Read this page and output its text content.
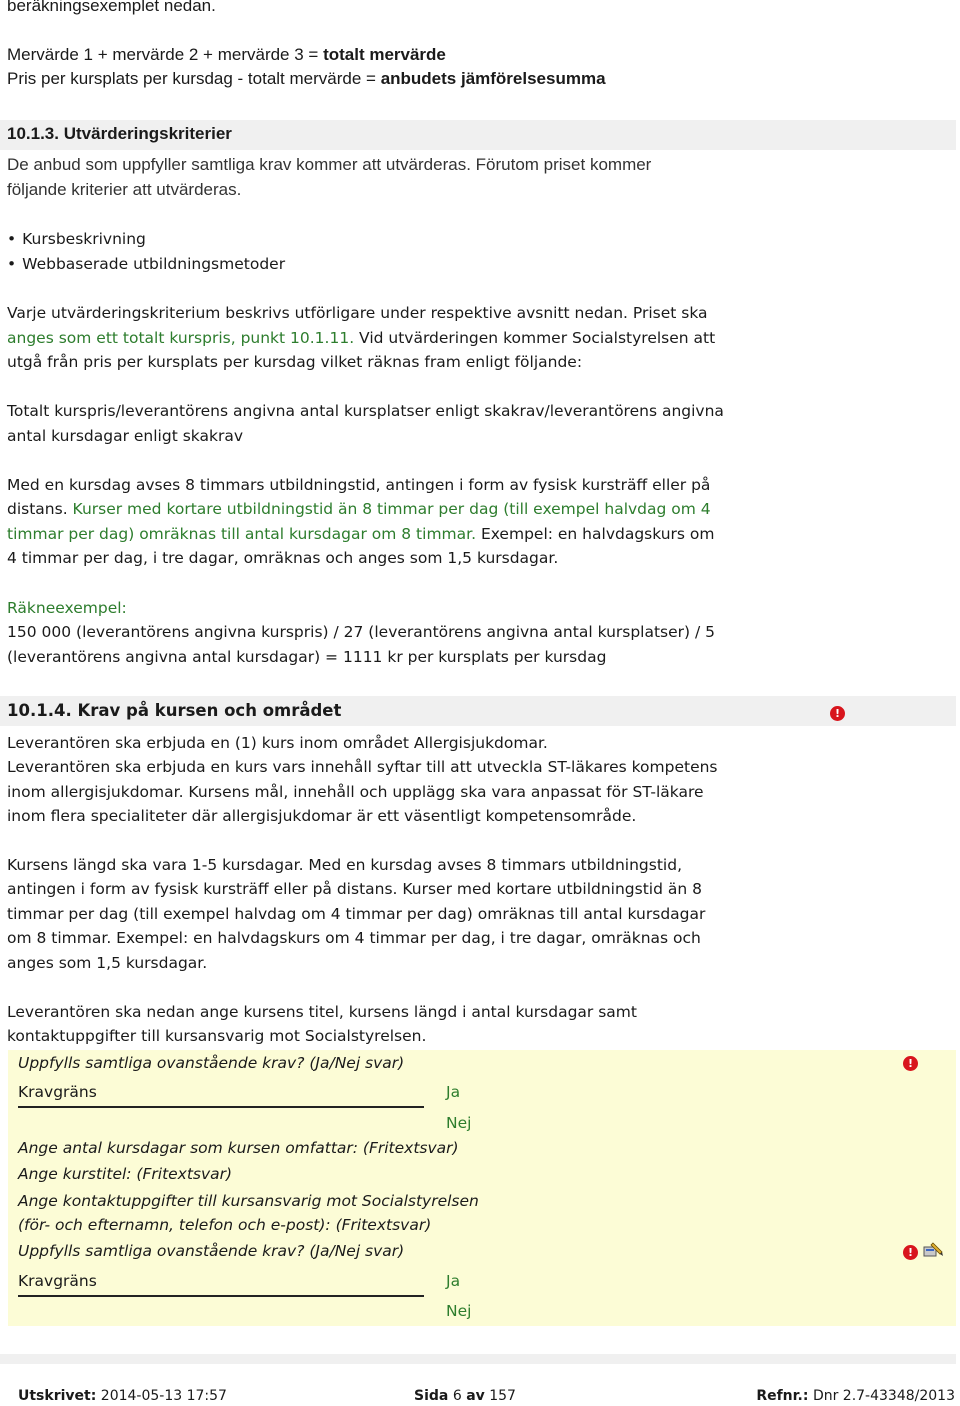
beräkningsexemplet nedan.
Mervärde 1 + mervärde 2 + mervärde 3 = totalt mervärde
Pris per kursplats per kursdag - totalt mervärde = anbudets jämförelsesumma
10.1.3. Utvärderingskriterier
De anbud som uppfyller samtliga krav kommer att utvärderas. Förutom priset kommer
följande kriterier att utvärderas.
• Kursbeskrivning
• Webbaserade utbildningsmetoder
Varje utvärderingskriterium beskrivs utförligare under respektive avsnitt nedan. Priset ska
anges som ett totalt kurspris, punkt 10.1.11. Vid utvärderingen kommer Socialstyrelsen att
utgå från pris per kursplats per kursdag vilket räknas fram enligt följande:
Totalt kurspris/leverantörens angivna antal kursplatser enligt skakrav/leverantörens angivna
antal kursdagar enligt skakrav
Med en kursdag avses 8 timmars utbildningstid, antingen i form av fysisk kursträff eller på
distans. Kurser med kortare utbildningstid än 8 timmar per dag (till exempel halvdag om 4
timmar per dag) omräknas till antal kursdagar om 8 timmar. Exempel: en halvdagskurs om
4 timmar per dag, i tre dagar, omräknas och anges som 1,5 kursdagar.
Räkneexempel:
150 000 (leverantörens angivna kurspris) / 27 (leverantörens angivna antal kursplatser) / 5
(leverantörens angivna antal kursdagar) = 1111 kr per kursplats per kursdag
10.1.4. Krav på kursen och området	!
Leverantören ska erbjuda en (1) kurs inom området Allergisjukdomar.
Leverantören ska erbjuda en kurs vars innehåll syftar till att utveckla ST-läkares kompetens
inom allergisjukdomar. Kursens mål, innehåll och upplägg ska vara anpassat för ST-läkare
inom flera specialiteter där allergisjukdomar är ett väsentligt kompetensområde.
Kursens längd ska vara 1-5 kursdagar. Med en kursdag avses 8 timmars utbildningstid,
antingen i form av fysisk kursträff eller på distans. Kurser med kortare utbildningstid än 8
timmar per dag (till exempel halvdag om 4 timmar per dag) omräknas till antal kursdagar
om 8 timmar. Exempel: en halvdagskurs om 4 timmar per dag, i tre dagar, omräknas och
anges som 1,5 kursdagar.
Leverantören ska nedan ange kursens titel, kursens längd i antal kursdagar samt
kontaktuppgifter till kursansvarig mot Socialstyrelsen.
Uppfylls samtliga ovanstående krav? (Ja/Nej svar)	!
Kravgräns	Ja
Nej
Ange antal kursdagar som kursen omfattar: (Fritextsvar)
Ange kurstitel: (Fritextsvar)
Ange kontaktuppgifter till kursansvarig mot Socialstyrelsen
(för- och efternamn, telefon och e-post): (Fritextsvar)
Uppfylls samtliga ovanstående krav? (Ja/Nej svar)	!
Kravgräns	Ja
Nej
Utskrivet: 2014-05-13 17:57	Sida 6 av 157	Refnr.: Dnr 2.7-43348/2013
